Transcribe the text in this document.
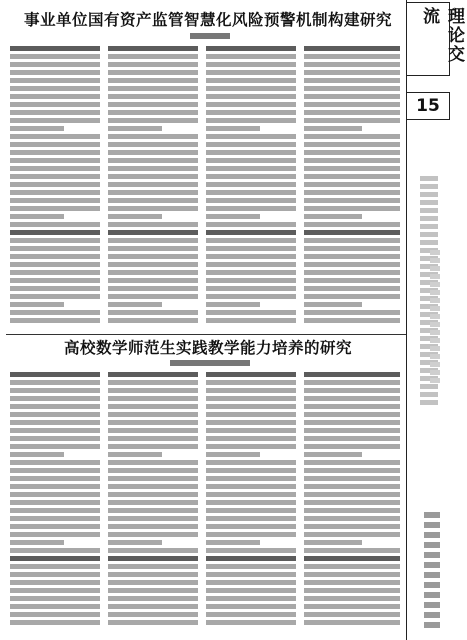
理论交流
15
事业单位国有资产监管智慧化风险预警机制构建研究
高校数学师范生实践教学能力培养的研究
